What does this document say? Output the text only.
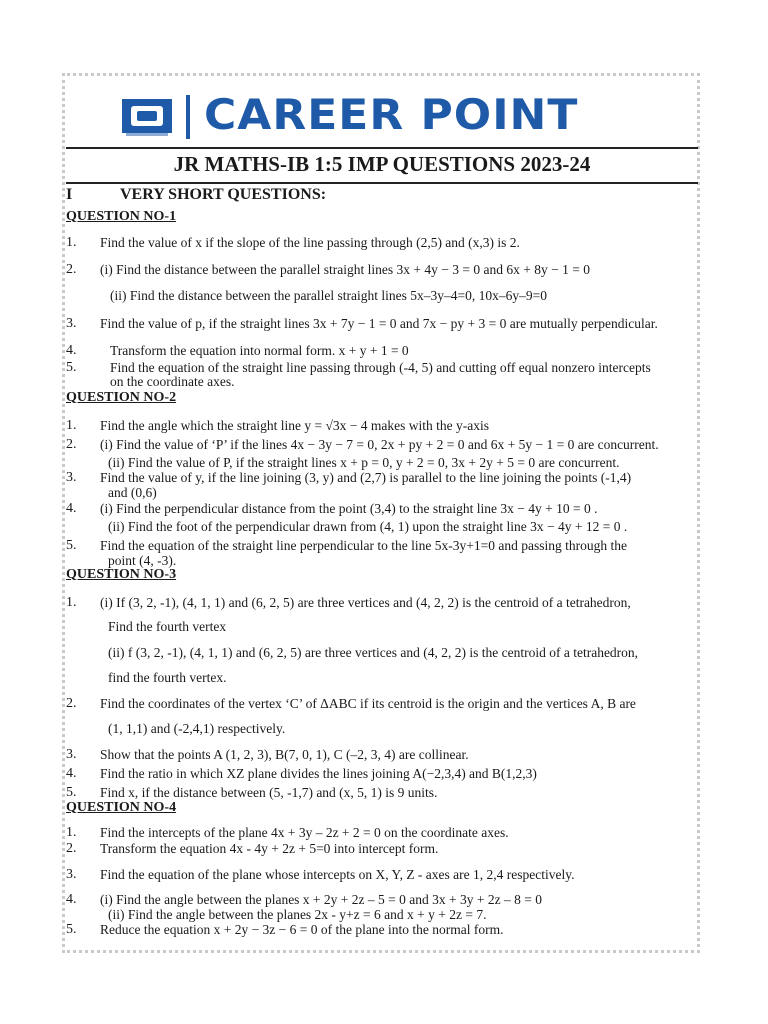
CAREER POINT
JR MATHS-IB 1:5 IMP QUESTIONS 2023-24
I	VERY SHORT QUESTIONS:
QUESTION NO-1
1. Find the value of x if the slope of the line passing through (2,5) and (x,3) is 2.
2. (i) Find the distance between the parallel straight lines 3x + 4y − 3 = 0 and 6x + 8y − 1 = 0
(ii) Find the distance between the parallel straight lines 5x–3y–4=0, 10x–6y–9=0
3. Find the value of p, if the straight lines 3x + 7y − 1 = 0 and 7x − py + 3 = 0 are mutually perpendicular.
4. Transform the equation into normal form. x + y + 1 = 0
5. Find the equation of the straight line passing through (-4, 5) and cutting off equal nonzero intercepts
on the coordinate axes.
QUESTION NO-2
1. Find the angle which the straight line y = √3x − 4 makes with the y-axis
2. (i) Find the value of ‘P’ if the lines 4x − 3y − 7 = 0, 2x + py + 2 = 0 and 6x + 5y − 1 = 0 are concurrent.
(ii) Find the value of P, if the straight lines x + p = 0, y + 2 = 0, 3x + 2y + 5 = 0 are concurrent.
3. Find the value of y, if the line joining (3, y) and (2,7) is parallel to the line joining the points (-1,4)
and (0,6)
4. (i) Find the perpendicular distance from the point (3,4) to the straight line 3x − 4y + 10 = 0 .
(ii) Find the foot of the perpendicular drawn from (4, 1) upon the straight line 3x − 4y + 12 = 0 .
5. Find the equation of the straight line perpendicular to the line 5x-3y+1=0 and passing through the
point (4, -3).
QUESTION NO-3
1. (i) If (3, 2, -1), (4, 1, 1) and (6, 2, 5) are three vertices and (4, 2, 2) is the centroid of a tetrahedron,
Find the fourth vertex
(ii) f (3, 2, -1), (4, 1, 1) and (6, 2, 5) are three vertices and (4, 2, 2) is the centroid of a tetrahedron,
find the fourth vertex.
2. Find the coordinates of the vertex ‘C’ of ΔABC if its centroid is the origin and the vertices A, B are
(1, 1,1) and (-2,4,1) respectively.
3. Show that the points A (1, 2, 3), B(7, 0, 1), C (–2, 3, 4) are collinear.
4. Find the ratio in which XZ plane divides the lines joining A(−2,3,4) and B(1,2,3)
5. Find x, if the distance between (5, -1,7) and (x, 5, 1) is 9 units.
QUESTION NO-4
1. Find the intercepts of the plane 4x + 3y – 2z + 2 = 0 on the coordinate axes.
2. Transform the equation 4x - 4y + 2z + 5=0 into intercept form.
3. Find the equation of the plane whose intercepts on X, Y, Z - axes are 1, 2,4 respectively.
4. (i) Find the angle between the planes x + 2y + 2z – 5 = 0 and 3x + 3y + 2z – 8 = 0
(ii) Find the angle between the planes 2x - y+z = 6 and x + y + 2z = 7.
5. Reduce the equation x + 2y − 3z − 6 = 0 of the plane into the normal form.
